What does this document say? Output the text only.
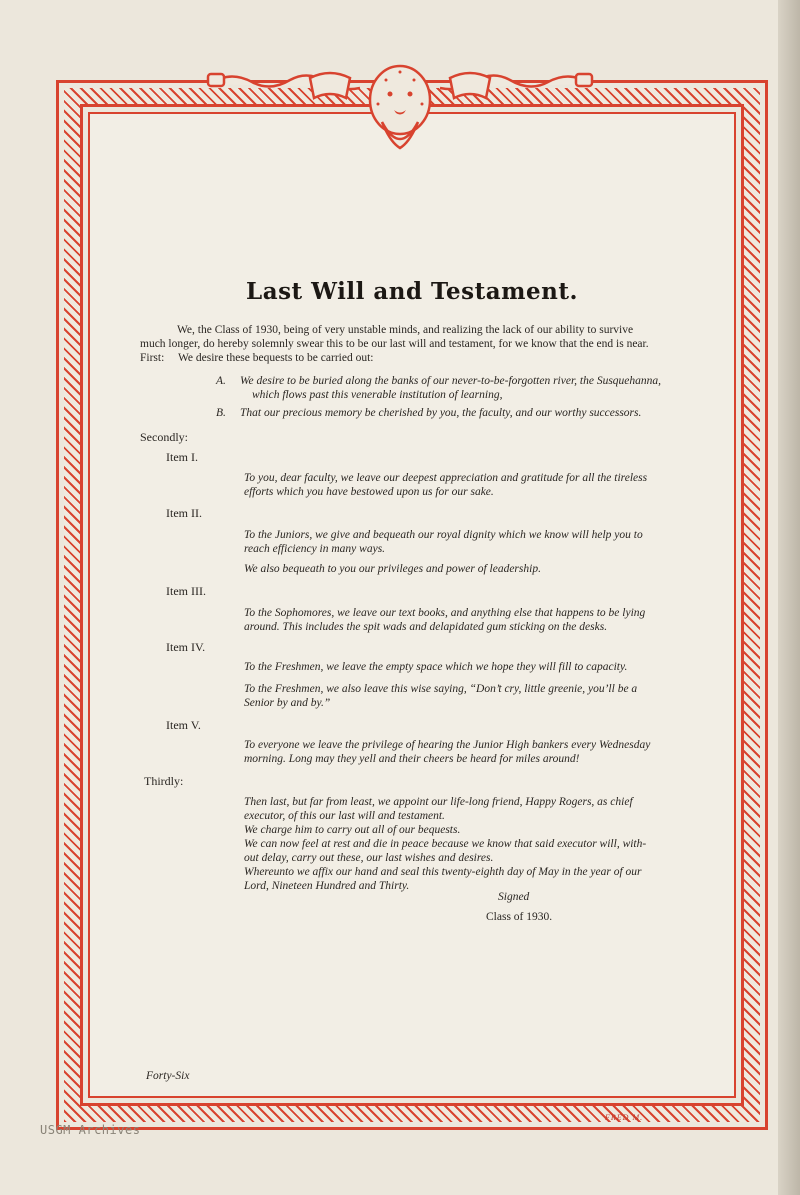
Last Will and Testament.
We, the Class of 1930, being of very unstable minds, and realizing the lack of our ability to survive
much longer, do hereby solemnly swear this to be our last will and testament, for we know that the end is near.
First: We desire these bequests to be carried out:
A. We desire to be buried along the banks of our never-to-be-forgotten river, the Susquehanna,
which flows past this venerable institution of learning,
B. That our precious memory be cherished by you, the faculty, and our worthy successors.
Secondly:
Item I.
To you, dear faculty, we leave our deepest appreciation and gratitude for all the tireless
efforts which you have bestowed upon us for our sake.
Item II.
To the Juniors, we give and bequeath our royal dignity which we know will help you to
reach efficiency in many ways.
We also bequeath to you our privileges and power of leadership.
Item III.
To the Sophomores, we leave our text books, and anything else that happens to be lying
around. This includes the spit wads and delapidated gum sticking on the desks.
Item IV.
To the Freshmen, we leave the empty space which we hope they will fill to capacity.
To the Freshmen, we also leave this wise saying, “Don’t cry, little greenie, you’ll be a
Senior by and by.”
Item V.
To everyone we leave the privilege of hearing the Junior High bankers every Wednesday
morning. Long may they yell and their cheers be heard for miles around!
Thirdly:
Then last, but far from least, we appoint our life-long friend, Happy Rogers, as chief
executor, of this our last will and testament.
We charge him to carry out all of our bequests.
We can now feel at rest and die in peace because we know that said executor will, with-
out delay, carry out these, our last wishes and desires.
Whereunto we affix our hand and seal this twenty-eighth day of May in the year of our
Lord, Nineteen Hundred and Thirty.
Signed
Class of 1930.
Forty-Six
FRED M.
USGM Archives
